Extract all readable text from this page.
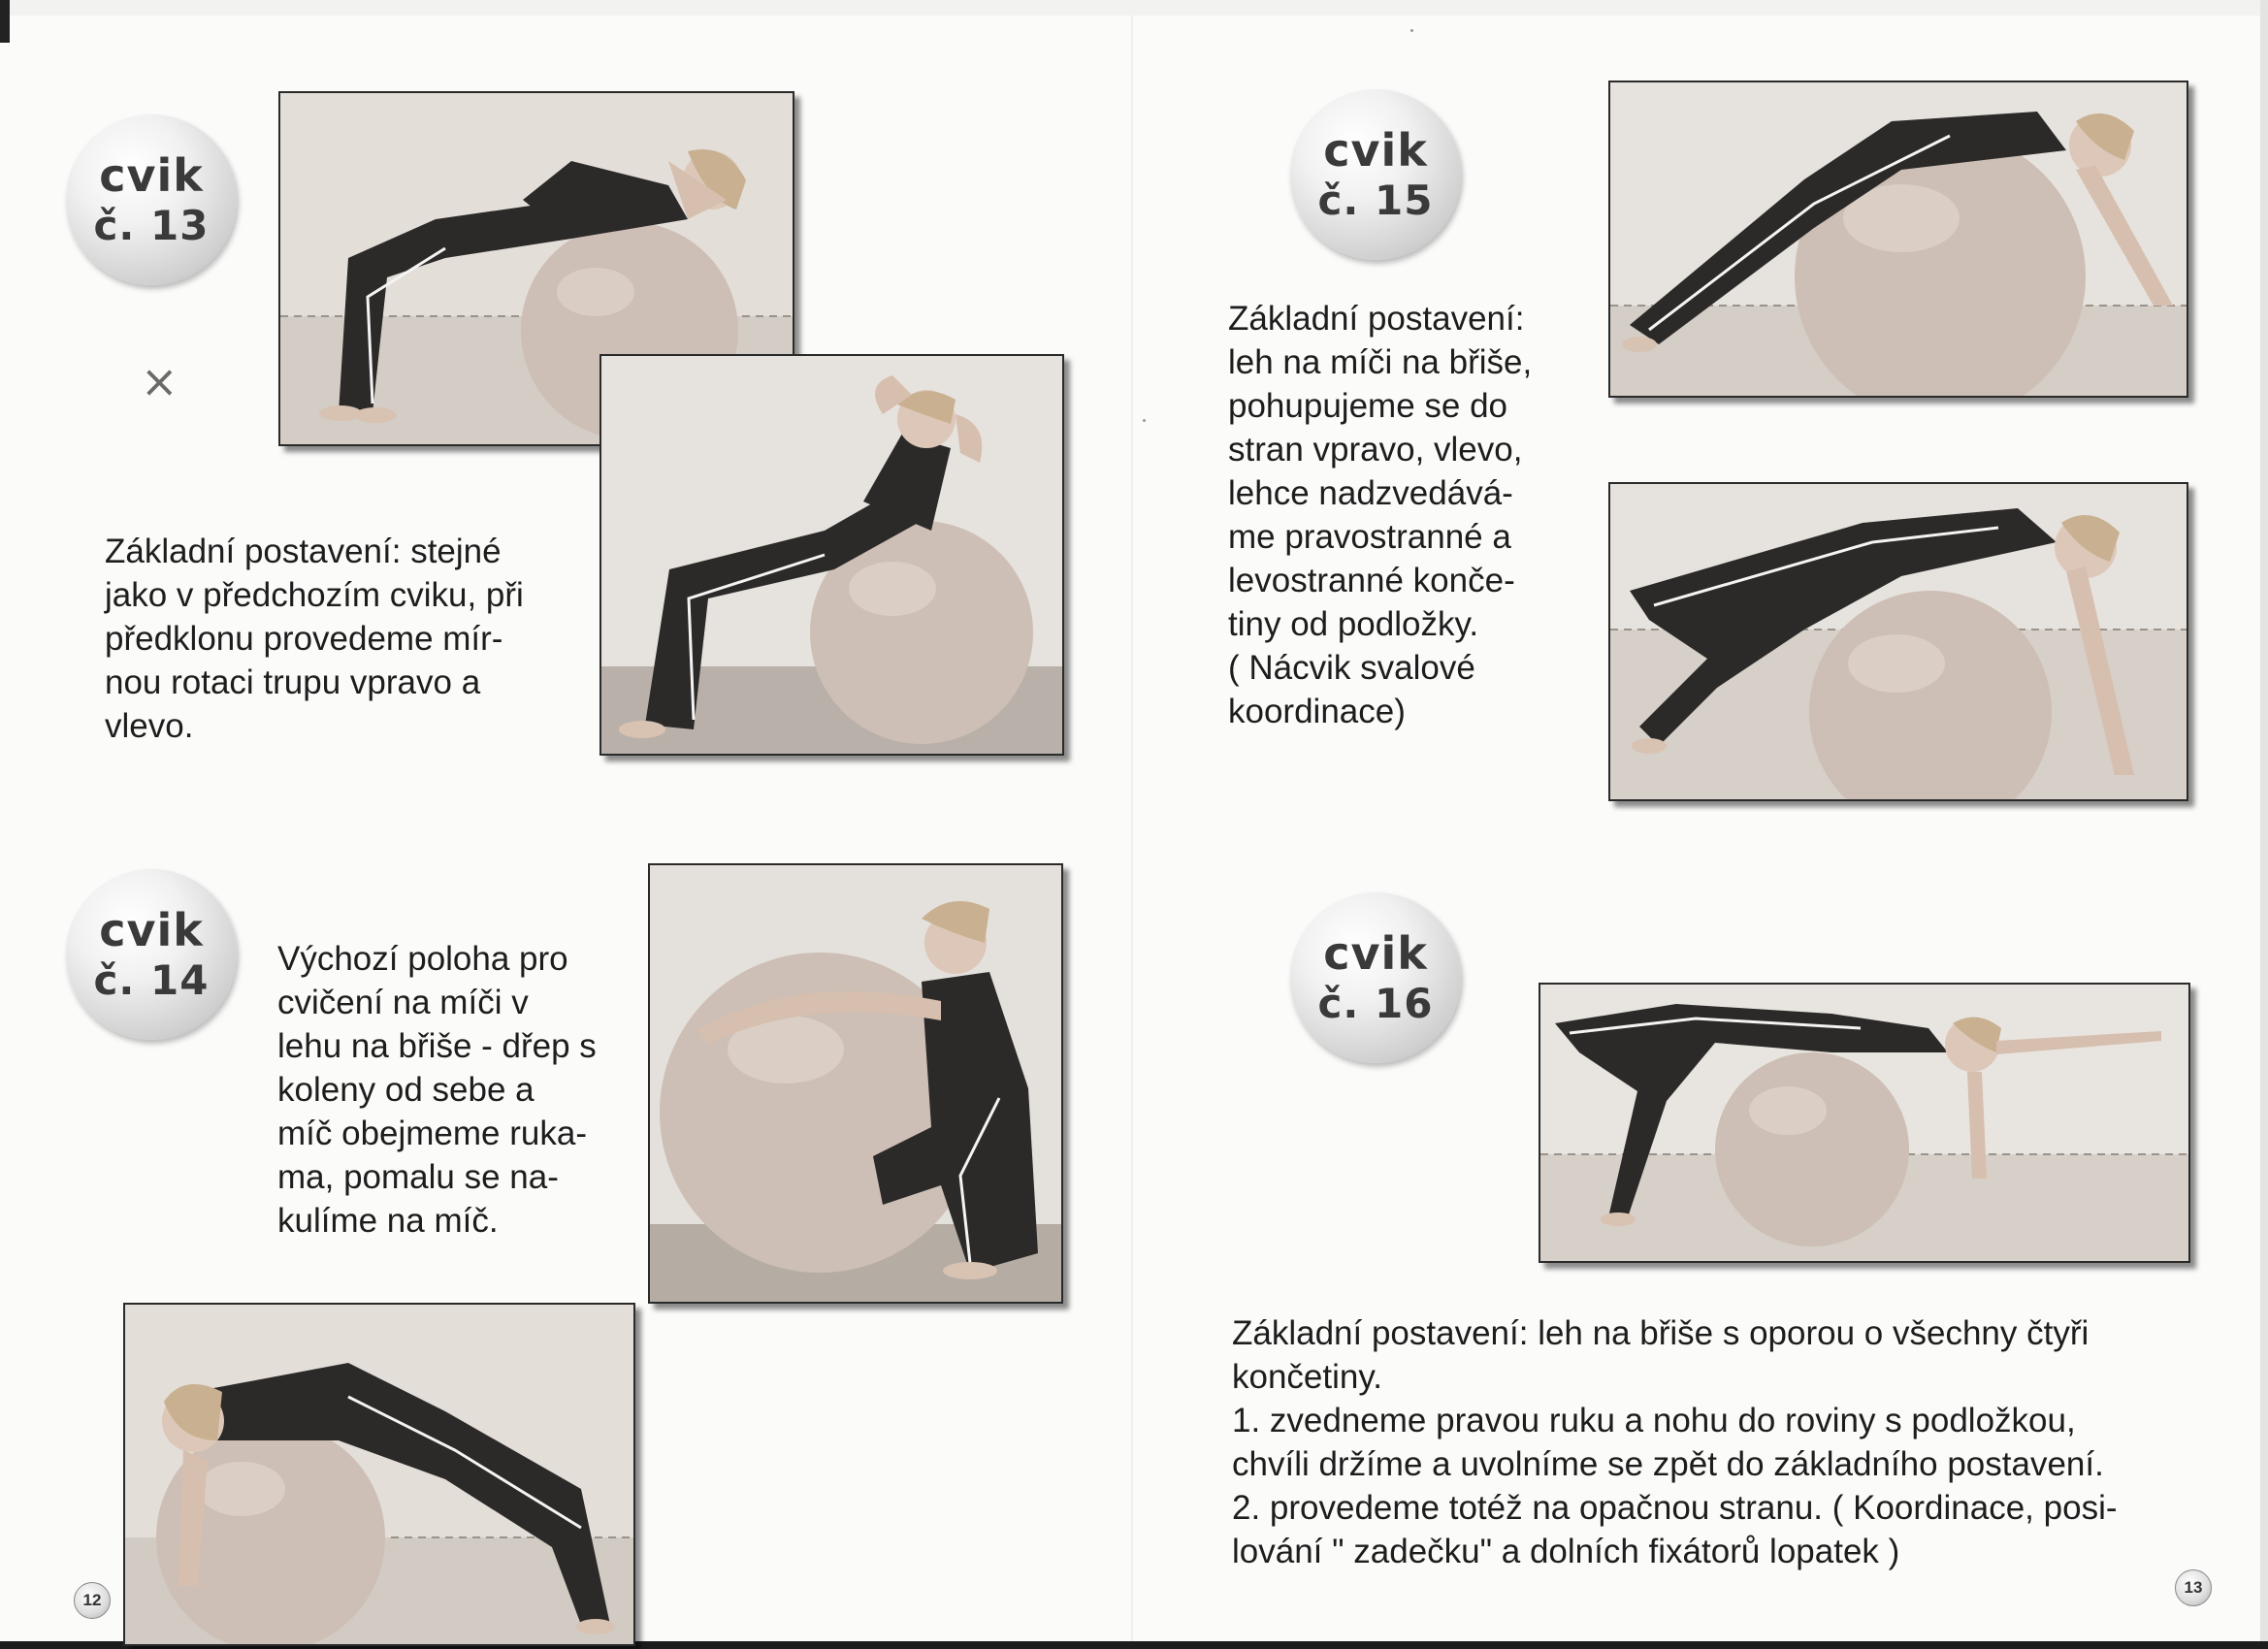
cvik
č. 13
×
Základní postavení: stejné
jako v předchozím cviku, při
předklonu provedeme mír-
nou rotaci trupu vpravo a
vlevo.
cvik
č. 14 Výchozí poloha pro
cvičení na míči v
lehu na břiše - dřep s
koleny od sebe a
míč obejmeme ruka-
ma, pomalu se na-
kulíme na míč.
12
cvik
č. 15
Základní postavení:
leh na míči na břiše,
pohupujeme se do
stran vpravo, vlevo,
lehce nadzvedává-
me pravostranné a
levostranné konče-
tiny od podložky.
( Nácvik svalové
koordinace)
cvik
č. 16
Základní postavení: leh na břiše s oporou o všechny čtyři
končetiny.
1. zvedneme pravou ruku a nohu do roviny s podložkou,
chvíli držíme a uvolníme se zpět do základního postavení.
2. provedeme totéž na opačnou stranu. ( Koordinace, posi-
lování " zadečku" a dolních fixátorů lopatek )
13
